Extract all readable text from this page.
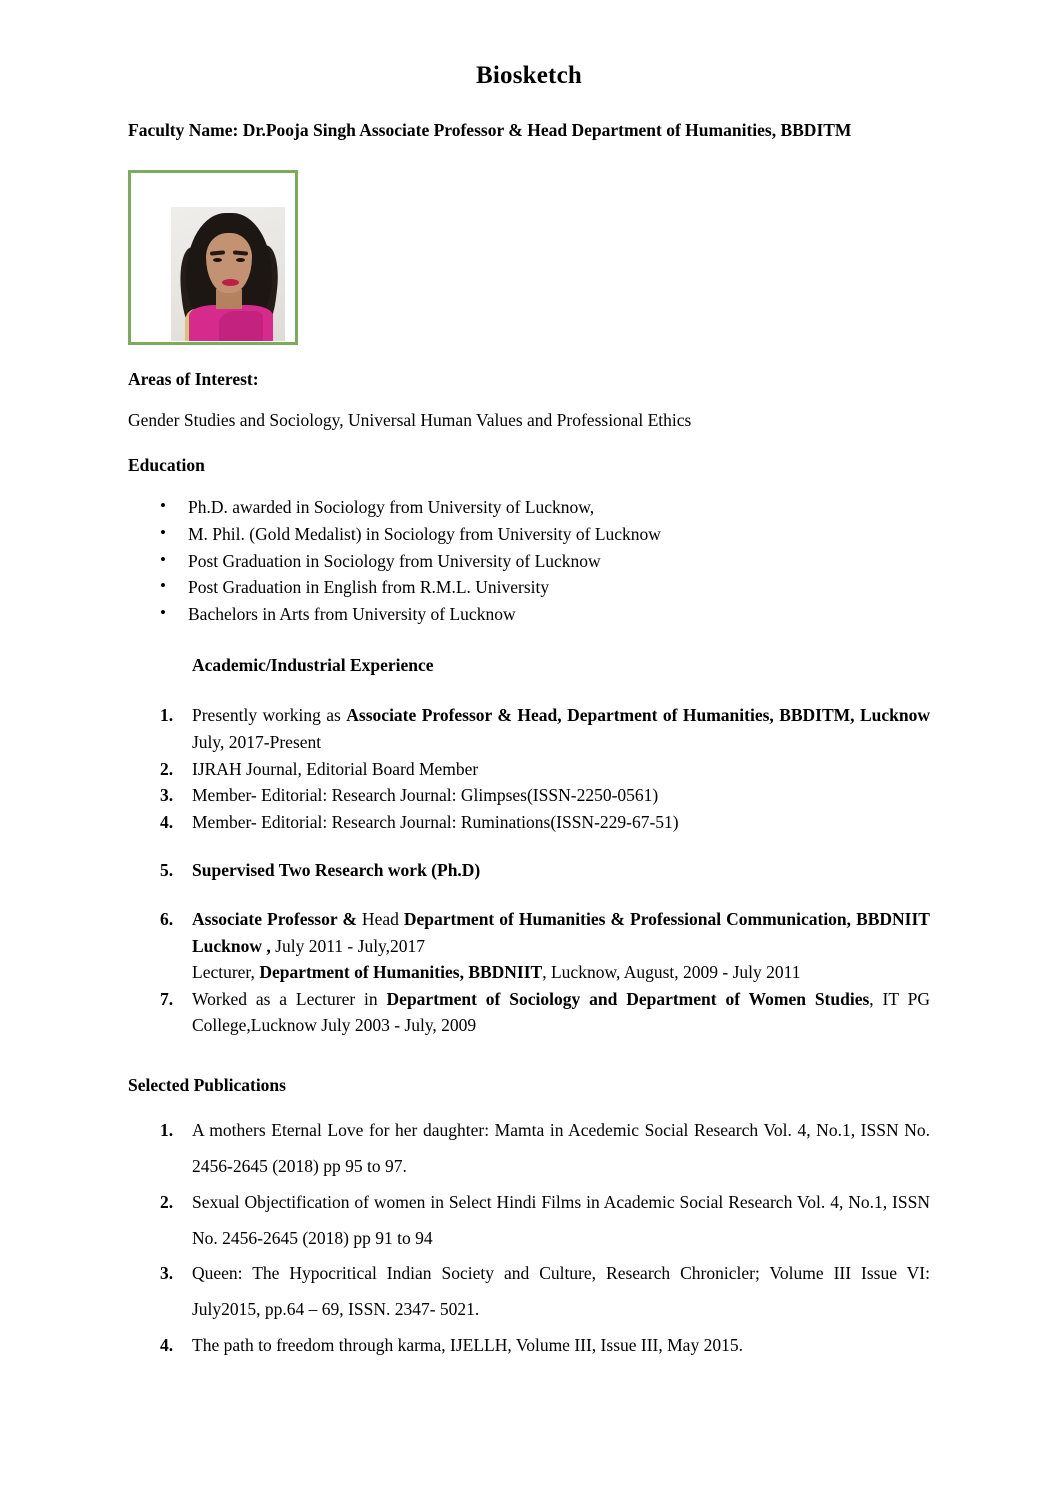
Biosketch

Faculty Name: Dr.Pooja Singh Associate Professor & Head Department of Humanities, BBDITM

Areas of Interest:

Gender Studies and Sociology, Universal Human Values and Professional Ethics

Education
• Ph.D. awarded in Sociology from University of Lucknow,
• M. Phil. (Gold Medalist) in Sociology from University of Lucknow
• Post Graduation in Sociology from University of Lucknow
• Post Graduation in English from R.M.L. University
• Bachelors in Arts from University of Lucknow
Academic/Industrial Experience
1. Presently working as Associate Professor & Head, Department of Humanities, BBDITM, Lucknow July, 2017-Present
2. IJRAH Journal, Editorial Board Member
3. Member- Editorial: Research Journal: Glimpses(ISSN-2250-0561)
4. Member- Editorial: Research Journal: Ruminations(ISSN-229-67-51)
5. Supervised Two Research work (Ph.D)
6. Associate Professor & Head Department of Humanities & Professional Communication, BBDNIIT Lucknow , July 2011 - July,2017
Lecturer, Department of Humanities, BBDNIIT, Lucknow, August, 2009 - July 2011
7. Worked as a Lecturer in Department of Sociology and Department of Women Studies, IT PG College,Lucknow July 2003 - July, 2009
Selected Publications
1. A mothers Eternal Love for her daughter: Mamta in Acedemic Social Research Vol. 4, No.1, ISSN No. 2456-2645 (2018) pp 95 to 97.
2. Sexual Objectification of women in Select Hindi Films in Academic Social Research Vol. 4, No.1, ISSN No. 2456-2645 (2018) pp 91 to 94
3. Queen: The Hypocritical Indian Society and Culture, Research Chronicler; Volume III Issue VI: July2015, pp.64 – 69, ISSN. 2347- 5021.
4. The path to freedom through karma, IJELLH, Volume III, Issue III, May 2015.
